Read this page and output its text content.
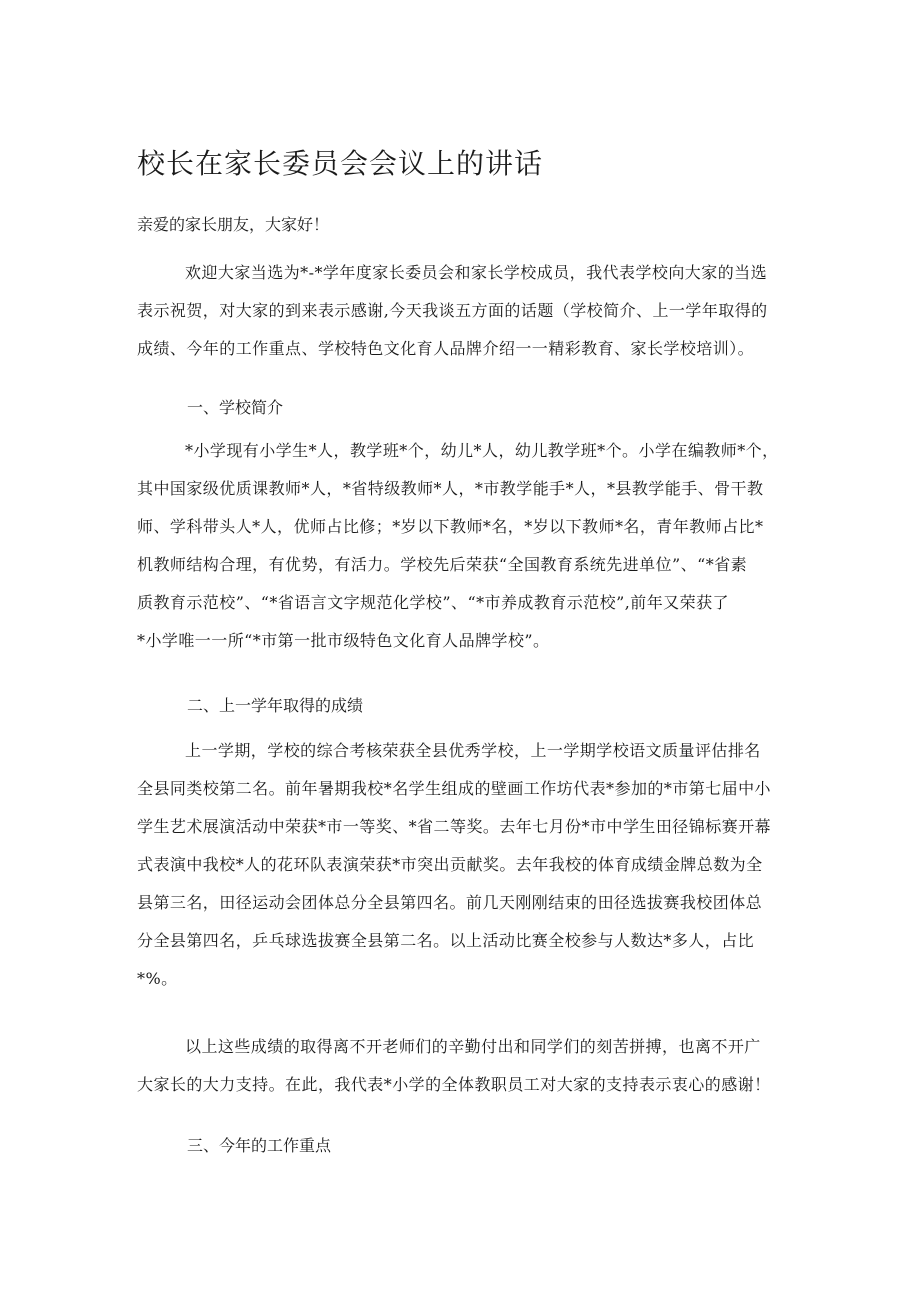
校长在家长委员会会议上的讲话

亲爱的家长朋友，大家好！

欢迎大家当选为*-*学年度家长委员会和家长学校成员，我代表学校向大家的当选
表示祝贺，对大家的到来表示感谢,今天我谈五方面的话题（学校简介、上一学年取得的
成绩、今年的工作重点、学校特色文化育人品牌介绍一一精彩教育、家长学校培训）。

一、学校简介

*小学现有小学生*人，教学班*个，幼儿*人，幼儿教学班*个。小学在编教师*个，
其中国家级优质课教师*人，*省特级教师*人，*市教学能手*人，*县教学能手、骨干教
师、学科带头人*人，优师占比修；*岁以下教师*名，*岁以下教师*名，青年教师占比*
机教师结构合理，有优势，有活力。学校先后荣获“全国教育系统先进单位”、“*省素
质教育示范校”、“*省语言文字规范化学校”、“*市养成教育示范校”,前年又荣获了
*小学唯一一所“*市第一批市级特色文化育人品牌学校”。

二、上一学年取得的成绩

上一学期，学校的综合考核荣获全县优秀学校，上一学期学校语文质量评估排名
全县同类校第二名。前年暑期我校*名学生组成的壁画工作坊代表*参加的*市第七届中小
学生艺术展演活动中荣获*市一等奖、*省二等奖。去年七月份*市中学生田径锦标赛开幕
式表演中我校*人的花环队表演荣获*市突出贡献奖。去年我校的体育成绩金牌总数为全
县第三名，田径运动会团体总分全县第四名。前几天刚刚结束的田径选拔赛我校团体总
分全县第四名，乒乓球选拔赛全县第二名。以上活动比赛全校参与人数达*多人，占比
*%。
以上这些成绩的取得离不开老师们的辛勤付出和同学们的刻苦拼搏，也离不开广
大家长的大力支持。在此，我代表*小学的全体教职员工对大家的支持表示衷心的感谢！

三、今年的工作重点
